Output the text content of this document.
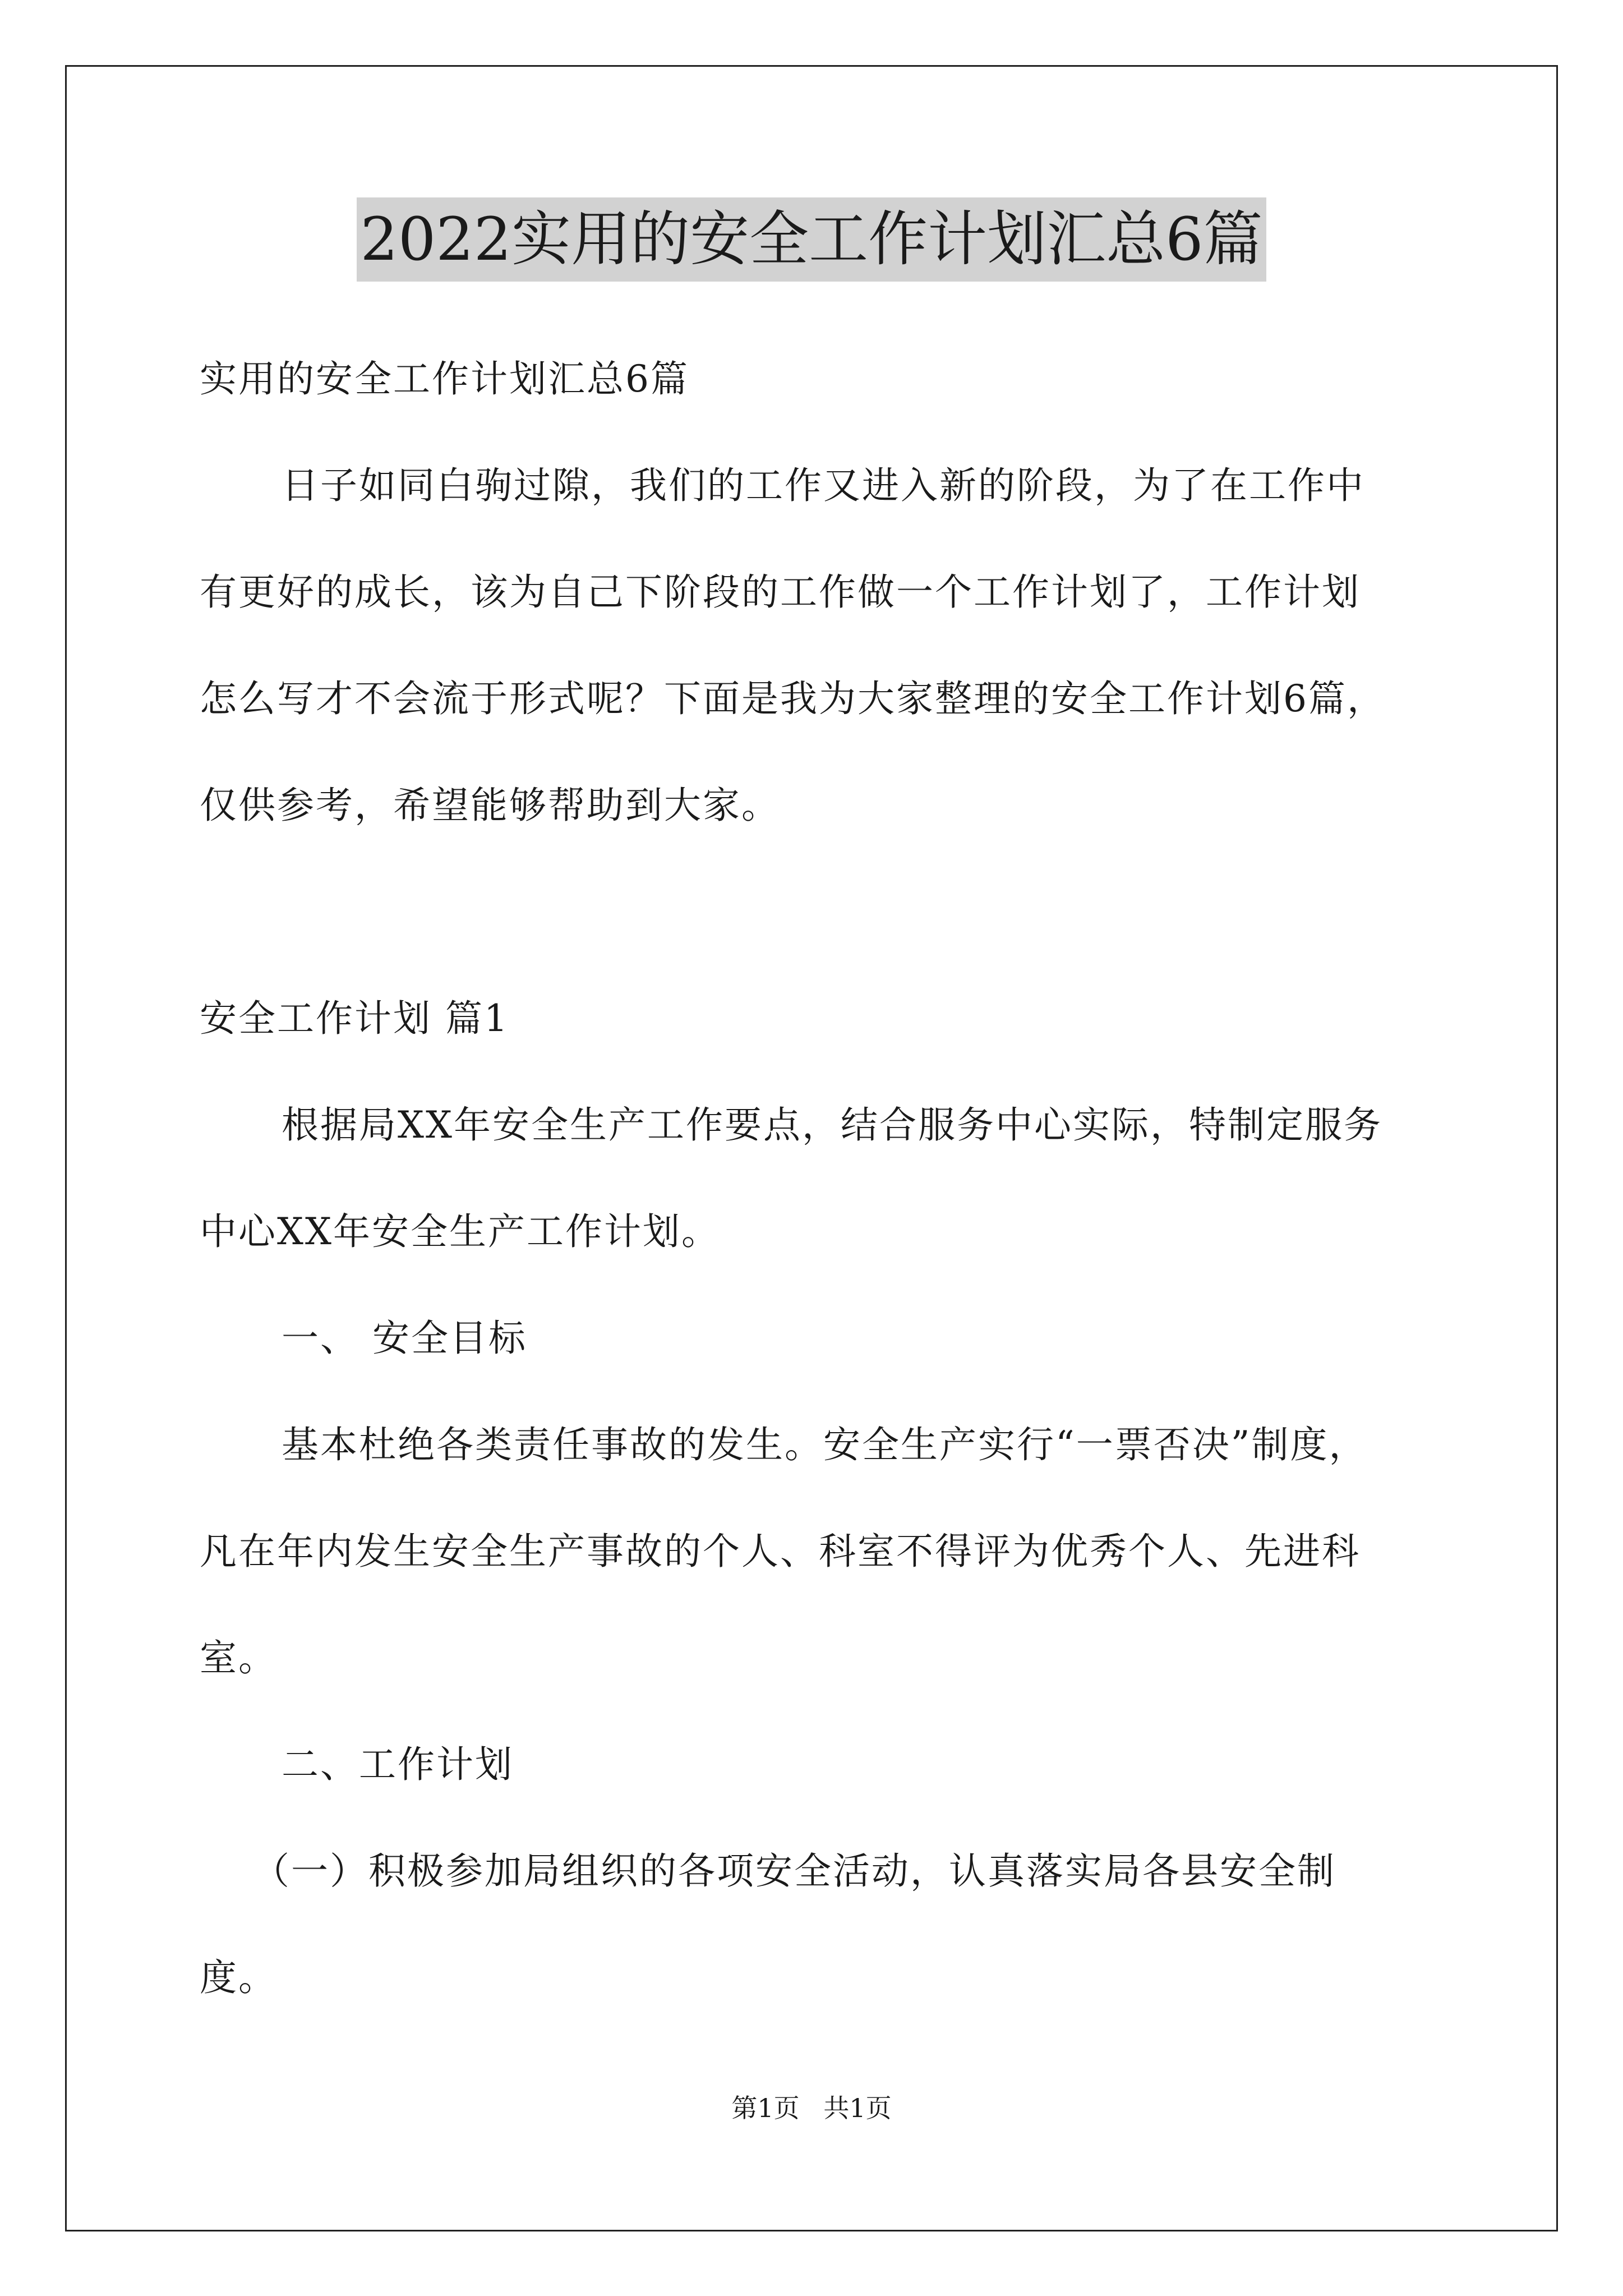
2022实用的安全工作计划汇总6篇
实用的安全工作计划汇总6篇
日子如同白驹过隙，我们的工作又进入新的阶段，为了在工作中
有更好的成长，该为自己下阶段的工作做一个工作计划了，工作计划
怎么写才不会流于形式呢？下面是我为大家整理的安全工作计划6篇，
仅供参考，希望能够帮助到大家。
安全工作计划 篇1
根据局XX年安全生产工作要点，结合服务中心实际，特制定服务
中心XX年安全生产工作计划。
一、 安全目标
基本杜绝各类责任事故的发生。安全生产实行“一票否决”制度，
凡在年内发生安全生产事故的个人、科室不得评为优秀个人、先进科
室。
二、工作计划
（一）积极参加局组织的各项安全活动，认真落实局各县安全制
度。
第1页 共1页
